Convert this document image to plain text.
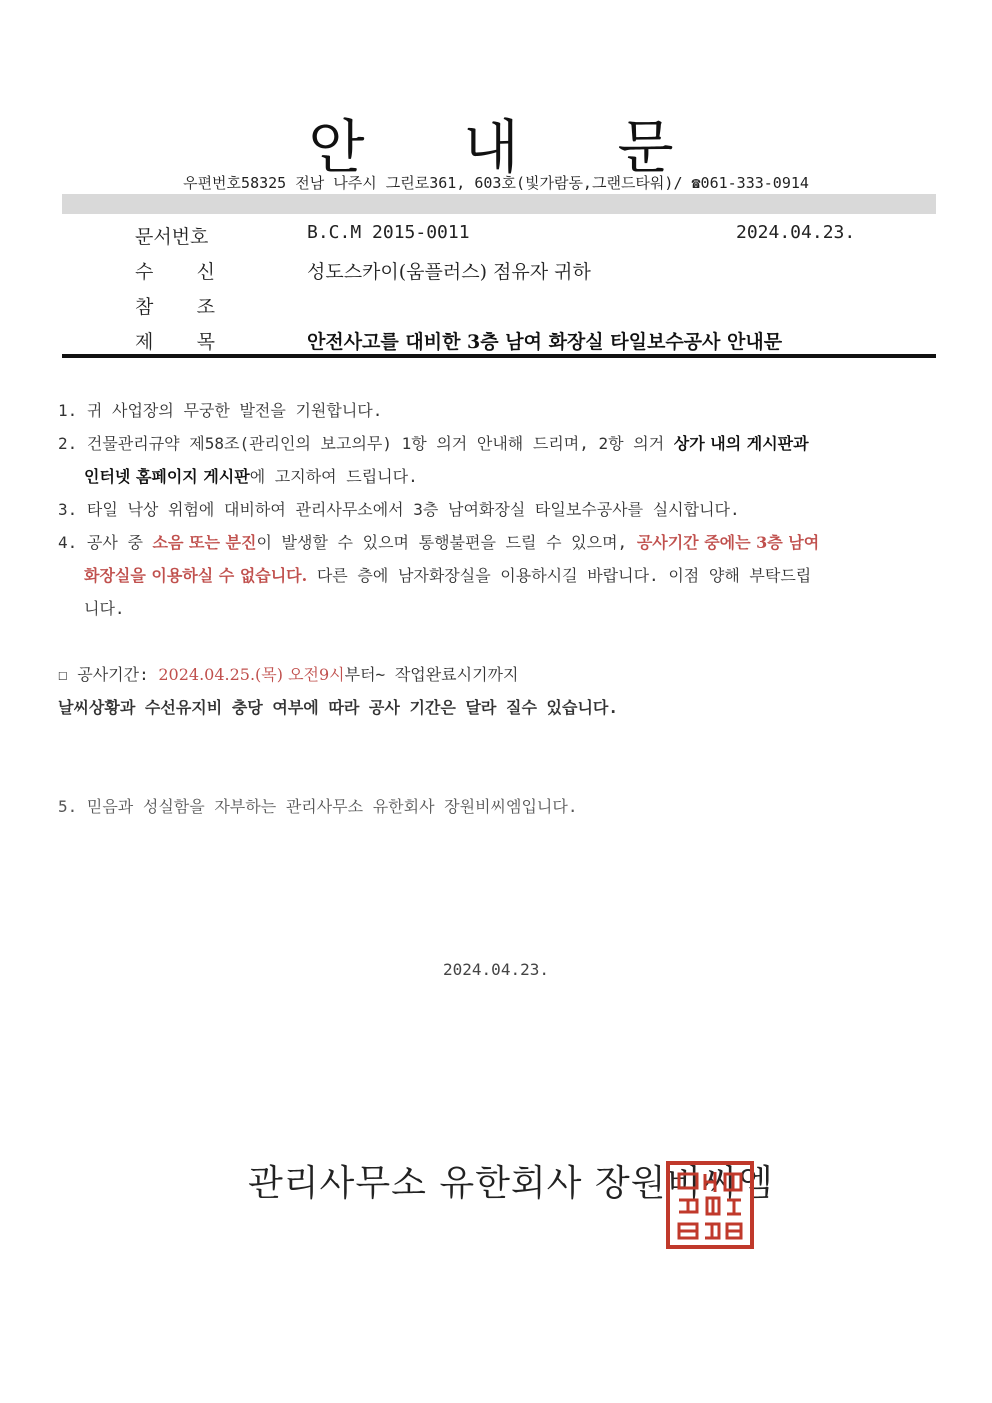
안 내 문
우편번호58325 전남 나주시 그린로361, 603호(빛가람동,그랜드타워)/ ☎061-333-0914
문서번호	B.C.M 2015-0011	2024.04.23.
수 신	성도스카이(움플러스) 점유자 귀하
참 조
제 목	안전사고를 대비한 3층 남여 화장실 타일보수공사 안내문
1. 귀 사업장의 무궁한 발전을 기원합니다.
2. 건물관리규약 제58조(관리인의 보고의무) 1항 의거 안내해 드리며, 2항 의거 상가 내의 게시판과
인터넷 홈페이지 게시판에 고지하여 드립니다.
3. 타일 낙상 위험에 대비하여 관리사무소에서 3층 남여화장실 타일보수공사를 실시합니다.
4. 공사 중 소음 또는 분진이 발생할 수 있으며 통행불편을 드릴 수 있으며, 공사기간 중에는 3층 남여
화장실을 이용하실 수 없습니다. 다른 층에 남자화장실을 이용하시길 바랍니다. 이점 양해 부탁드립
니다.
☐ 공사기간: 2024.04.25.(목) 오전9시부터~ 작업완료시기까지
날씨상황과 수선유지비 충당 여부에 따라 공사 기간은 달라 질수 있습니다.
5. 믿음과 성실함을 자부하는 관리사무소 유한회사 장원비씨엠입니다.
2024.04.23.
관리사무소 유한회사 장원비씨엠
